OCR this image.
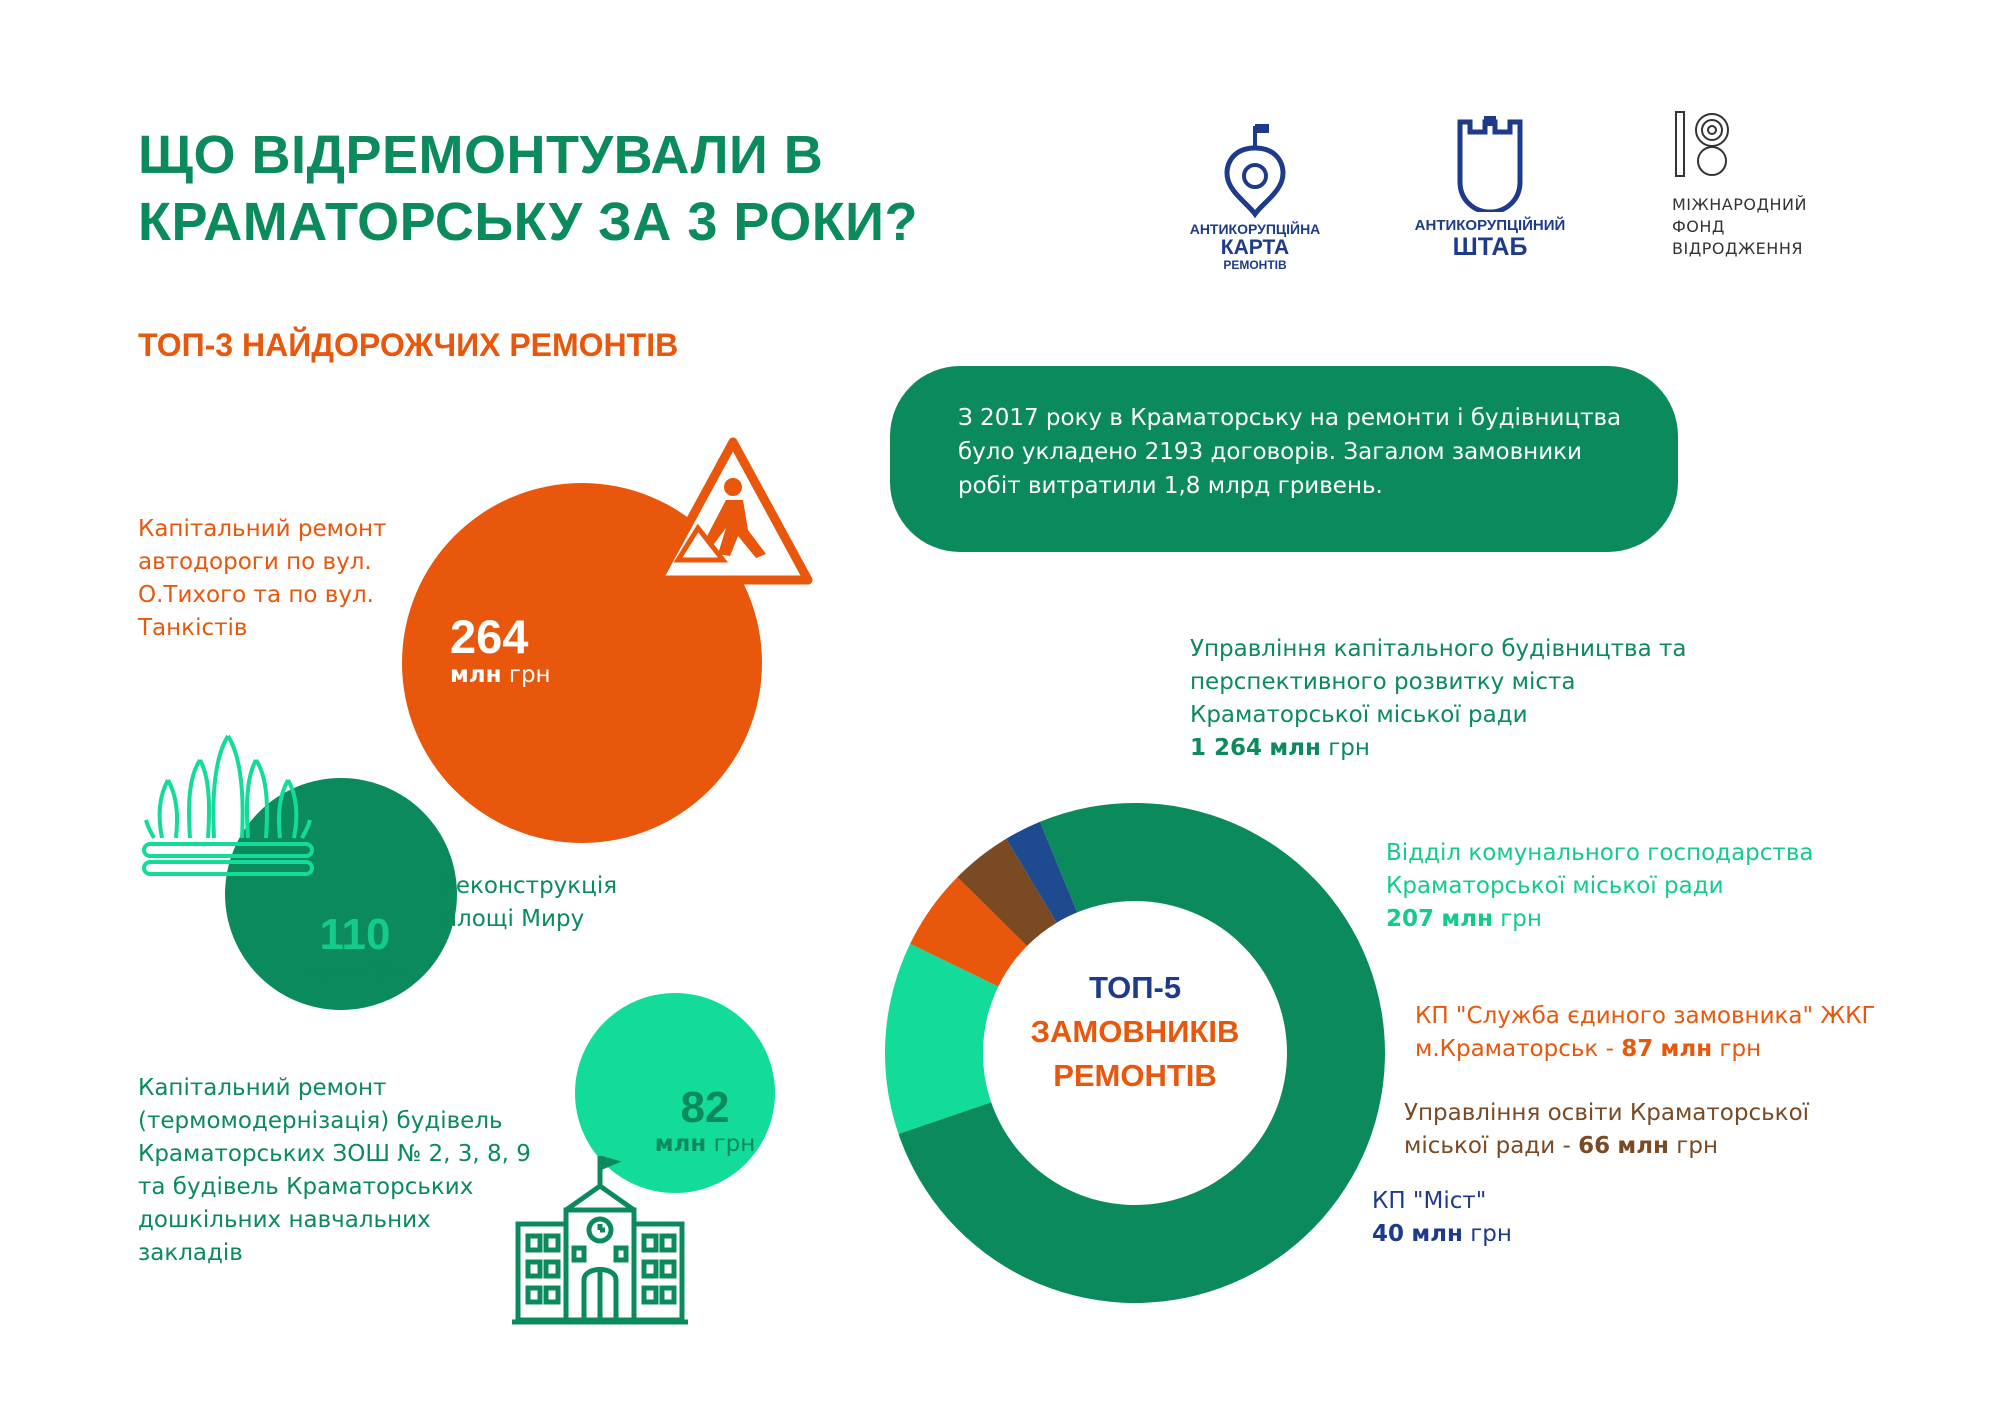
ЩО ВІДРЕМОНТУВАЛИ В
КРАМАТОРСЬКУ ЗА 3 РОКИ?	АНТИКОРУПЦІЙНА
КАРТА
РЕМОНТІВ
АНТИКОРУПЦІЙНИЙ
ШТАБ
МІЖНАРОДНИЙ
ФОНД
ВІДРОДЖЕННЯ
ТОП-3 НАЙДОРОЖЧИХ РЕМОНТІВ
З 2017 року в Краматорську на ремонти і будівництва
було укладено 2193 договорів. Загалом замовники
робіт витратили 1,8 млрд гривень.
Капітальний ремонт
автодороги по вул.
О.Тихого та по вул.
Танкістів	264
млн грн
110
млн грн
Реконструкція
площі Миру
82
млн грн
Капітальний ремонт
(термомодернізація) будівель
Краматорських ЗОШ № 2, 3, 8, 9
та будівель Краматорських
дошкільних навчальних
закладів
ТОП-5
ЗАМОВНИКІВ
РЕМОНТІВ
Управління капітального будівництва та
перспективного розвитку міста
Краматорської міської ради
1 264 млн грн
Відділ комунального господарства
Краматорської міської ради
207 млн грн
КП "Служба єдиного замовника" ЖКГ
м.Краматорськ - 87 млн грн
Управління освіти Краматорської
міської ради - 66 млн грн
КП "Міст"
40 млн грн
